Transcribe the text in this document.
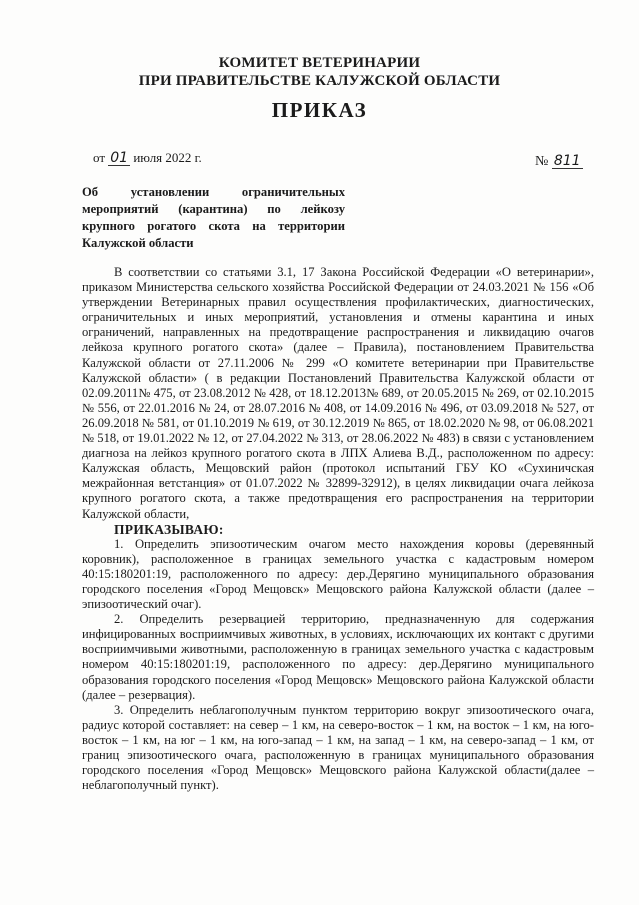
КОМИТЕТ ВЕТЕРИНАРИИ
ПРИ ПРАВИТЕЛЬСТВЕ КАЛУЖСКОЙ ОБЛАСТИ
ПРИКАЗ
от 01 июля 2022 г.	№ 811
Об установлении ограничительных мероприятий (карантина) по лейкозу крупного рогатого скота на территории Калужской области

В соответствии со статьями 3.1, 17 Закона Российской Федерации «О ветеринарии», приказом Министерства сельского хозяйства Российской Федерации от 24.03.2021 № 156 «Об утверждении Ветеринарных правил осуществления профилактических, диагностических, ограничительных и иных мероприятий, установления и отмены карантина и иных ограничений, направленных на предотвращение распространения и ликвидацию очагов лейкоза крупного рогатого скота» (далее – Правила), постановлением Правительства Калужской области от 27.11.2006 № 299 «О комитете ветеринарии при Правительстве Калужской области» ( в редакции Постановлений Правительства Калужской области от 02.09.2011№ 475, от 23.08.2012 № 428, от 18.12.2013№ 689, от 20.05.2015 № 269, от 02.10.2015 № 556, от 22.01.2016 № 24, от 28.07.2016 № 408, от 14.09.2016 № 496, от 03.09.2018 № 527, от 26.09.2018 № 581, от 01.10.2019 № 619, от 30.12.2019 № 865, от 18.02.2020 № 98, от 06.08.2021 № 518, от 19.01.2022 № 12, от 27.04.2022 № 313, от 28.06.2022 № 483) в связи с установлением диагноза на лейкоз крупного рогатого скота в ЛПХ Алиева В.Д., расположенном по адресу: Калужская область, Мещовский район (протокол испытаний ГБУ КО «Сухиничская межрайонная ветстанция» от 01.07.2022 № 32899-32912), в целях ликвидации очага лейкоза крупного рогатого скота, а также предотвращения его распространения на территории Калужской области,

ПРИКАЗЫВАЮ:

1. Определить эпизоотическим очагом место нахождения коровы (деревянный коровник), расположенное в границах земельного участка с кадастровым номером 40:15:180201:19, расположенного по адресу: дер.Дерягино муниципального образования городского поселения «Город Мещовск» Мещовского района Калужской области (далее – эпизоотический очаг).

2. Определить резервацией территорию, предназначенную для содержания инфицированных восприимчивых животных, в условиях, исключающих их контакт с другими восприимчивыми животными, расположенную в границах земельного участка с кадастровым номером 40:15:180201:19, расположенного по адресу: дер.Дерягино муниципального образования городского поселения «Город Мещовск» Мещовского района Калужской области (далее – резервация).

3. Определить неблагополучным пунктом территорию вокруг эпизоотического очага, радиус которой составляет: на север – 1 км, на северо-восток – 1 км, на восток – 1 км, на юго-восток – 1 км, на юг – 1 км, на юго-запад – 1 км, на запад – 1 км, на северо-запад – 1 км, от границ эпизоотического очага, расположенную в границах муниципального образования городского поселения «Город Мещовск» Мещовского района Калужской области(далее – неблагополучный пункт).
